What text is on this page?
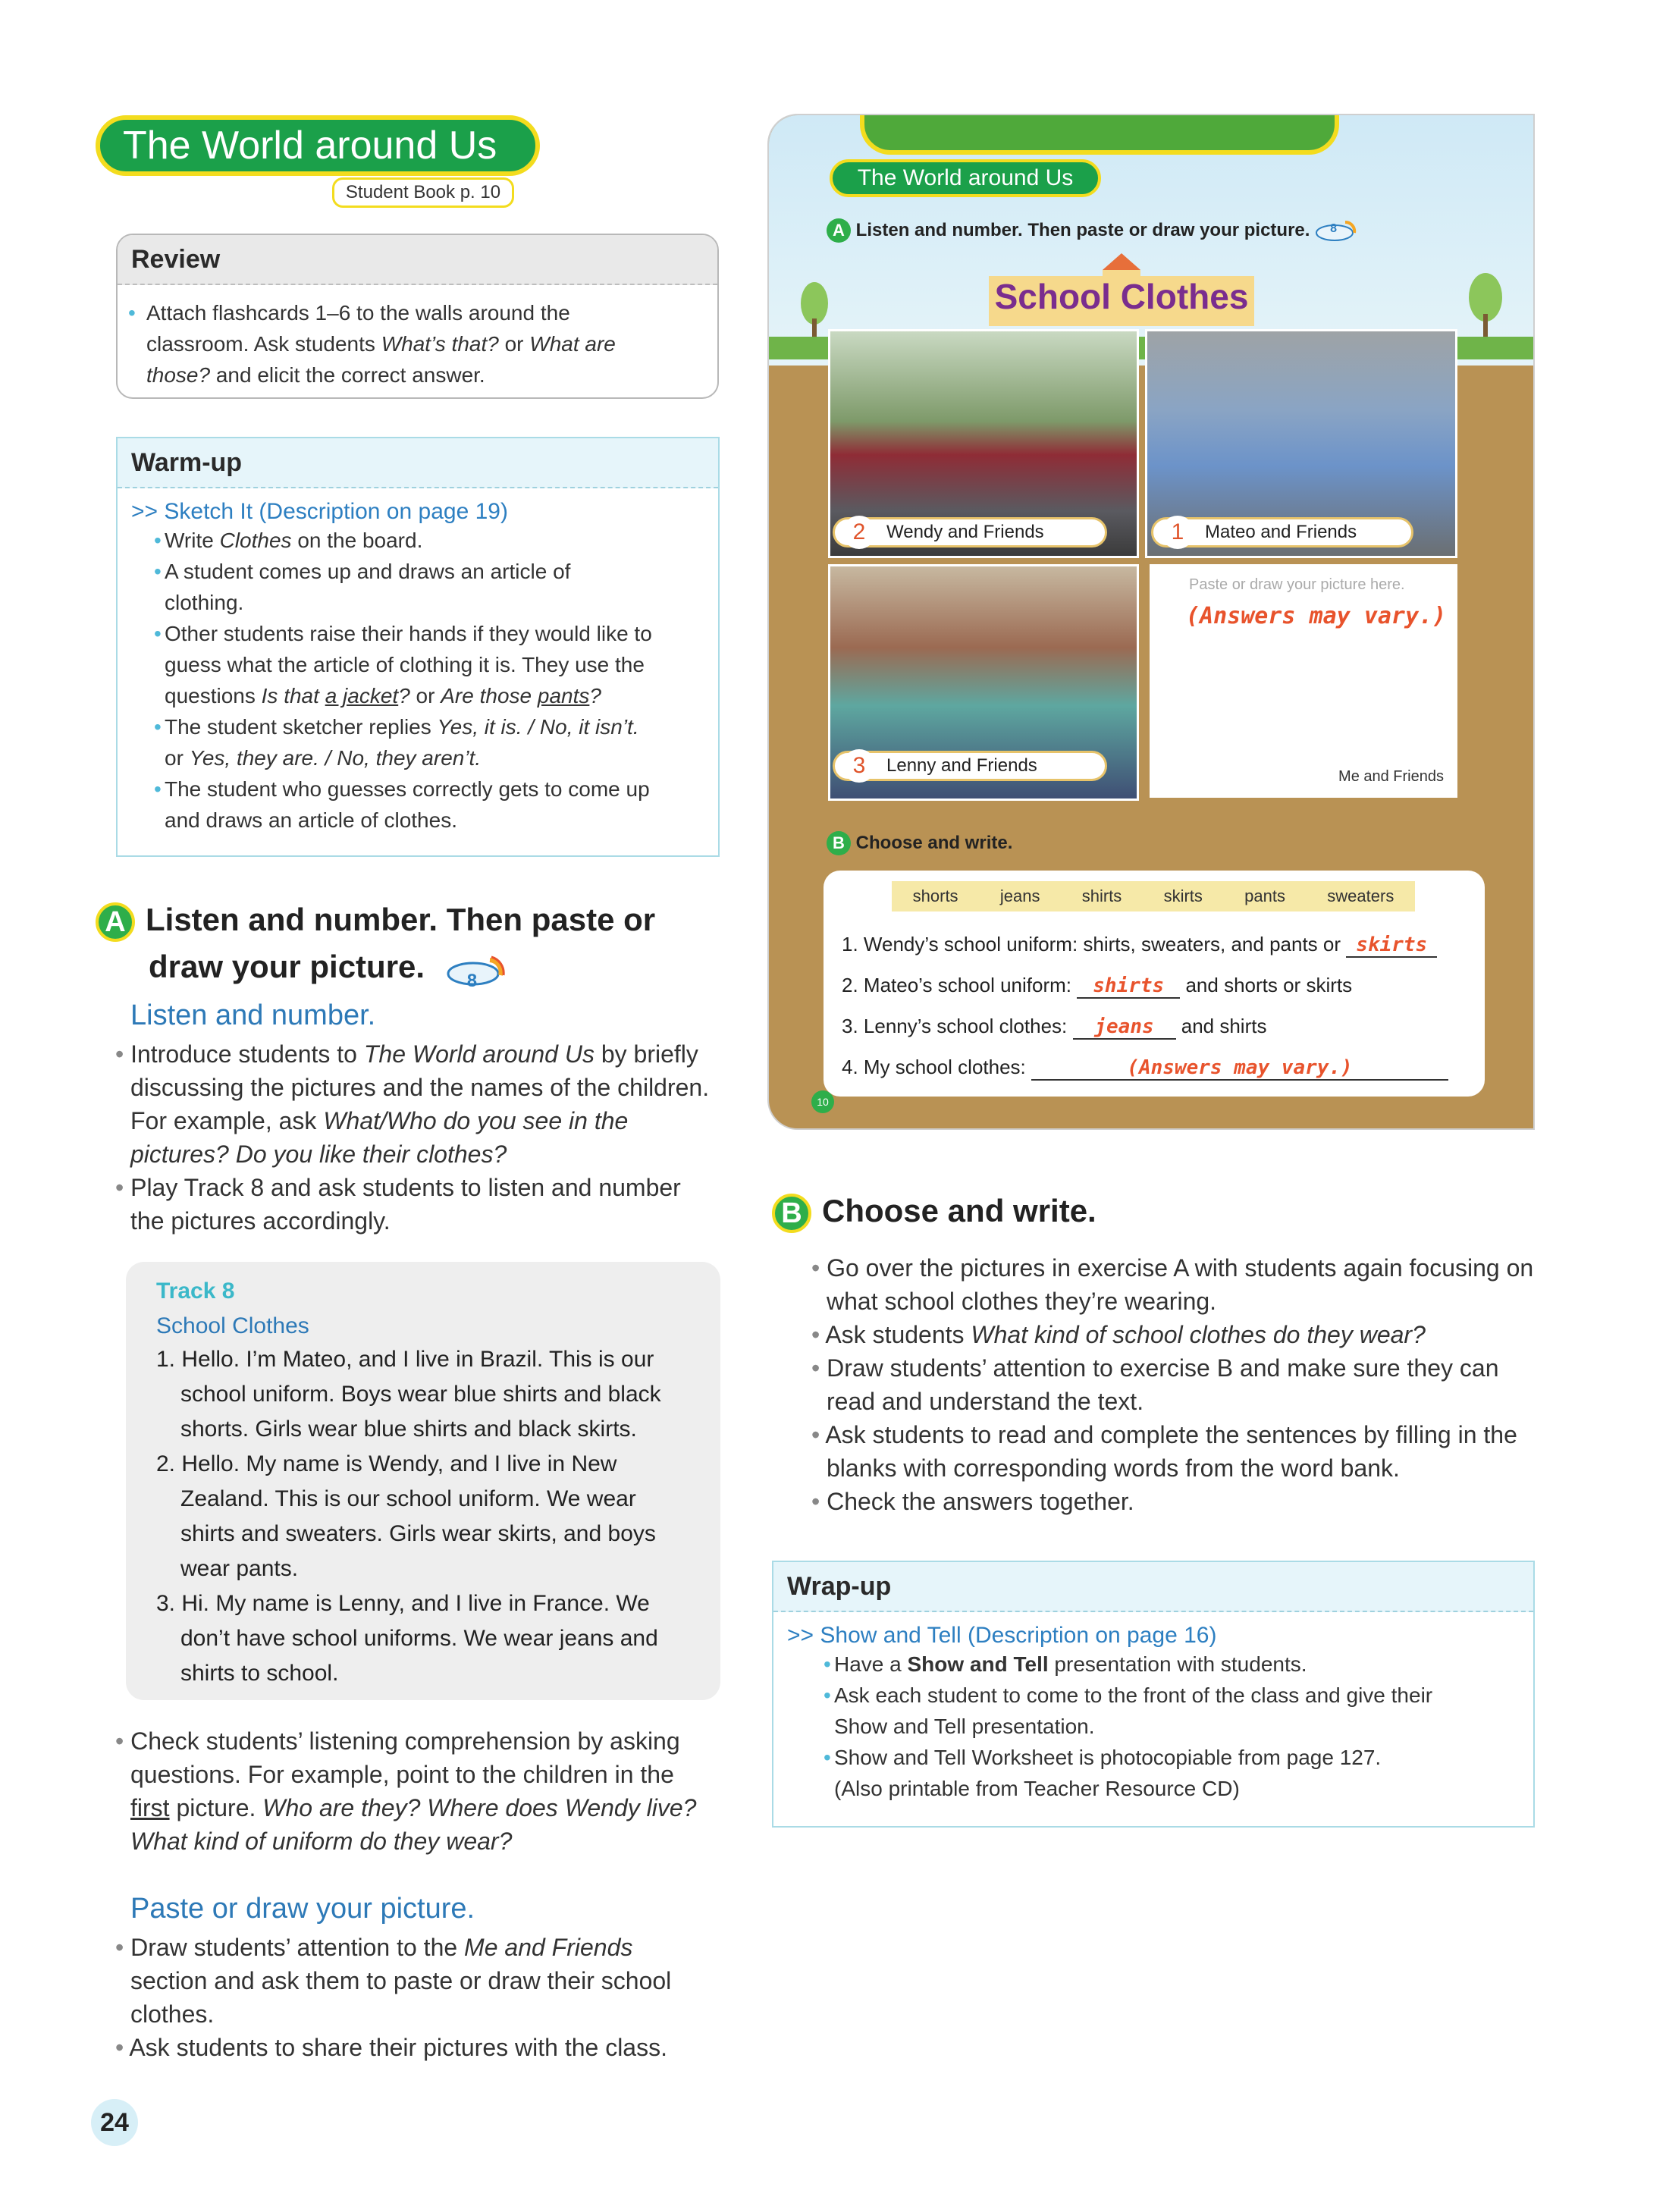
The World around Us
Student Book p. 10
Review
• Attach flashcards 1–6 to the walls around the
classroom. Ask students What’s that? or What are
those? and elicit the correct answer.
Warm-up
>> Sketch It (Description on page 19)
• Write Clothes on the board.
• A student comes up and draws an article of
clothing.
• Other students raise their hands if they would like to
guess what the article of clothing it is. They use the
questions Is that a jacket? or Are those pants?
• The student sketcher replies Yes, it is. / No, it isn’t.
or Yes, they are. / No, they aren’t.
• The student who guesses correctly gets to come up
and draws an article of clothes.
A Listen and number. Then paste or
draw your picture. 8
Listen and number.
• Introduce students to The World around Us by briefly
discussing the pictures and the names of the children.
For example, ask What/Who do you see in the
pictures? Do you like their clothes?
• Play Track 8 and ask students to listen and number
the pictures accordingly.
Track 8
School Clothes
1. Hello. I’m Mateo, and I live in Brazil. This is our
school uniform. Boys wear blue shirts and black
shorts. Girls wear blue shirts and black skirts.
2. Hello. My name is Wendy, and I live in New
Zealand. This is our school uniform. We wear
shirts and sweaters. Girls wear skirts, and boys
wear pants.
3. Hi. My name is Lenny, and I live in France. We
don’t have school uniforms. We wear jeans and
shirts to school.
• Check students’ listening comprehension by asking
questions. For example, point to the children in the
first picture. Who are they? Where does Wendy live?
What kind of uniform do they wear?
Paste or draw your picture.
• Draw students’ attention to the Me and Friends
section and ask them to paste or draw their school
clothes.
• Ask students to share their pictures with the class.
24
The World around Us
A Listen and number. Then paste or draw your picture. 8
School Clothes
2	Wendy and Friends	1	Mateo and Friends
3	Lenny and Friends
Paste or draw your picture here.
(Answers may vary.)
Me and Friends
B Choose and write.
shorts	jeans	shirts	skirts	pants	sweaters
1. Wendy’s school uniform: shirts, sweaters, and pants or skirts
2. Mateo’s school uniform: shirts and shorts or skirts
3. Lenny’s school clothes: jeans and shirts
4. My school clothes:	(Answers may vary.)
10
B Choose and write.
• Go over the pictures in exercise A with students again focusing on
what school clothes they’re wearing.
• Ask students What kind of school clothes do they wear?
• Draw students’ attention to exercise B and make sure they can
read and understand the text.
• Ask students to read and complete the sentences by filling in the
blanks with corresponding words from the word bank.
• Check the answers together.
Wrap-up
>> Show and Tell (Description on page 16)
• Have a Show and Tell presentation with students.
• Ask each student to come to the front of the class and give their
Show and Tell presentation.
• Show and Tell Worksheet is photocopiable from page 127.
(Also printable from Teacher Resource CD)
